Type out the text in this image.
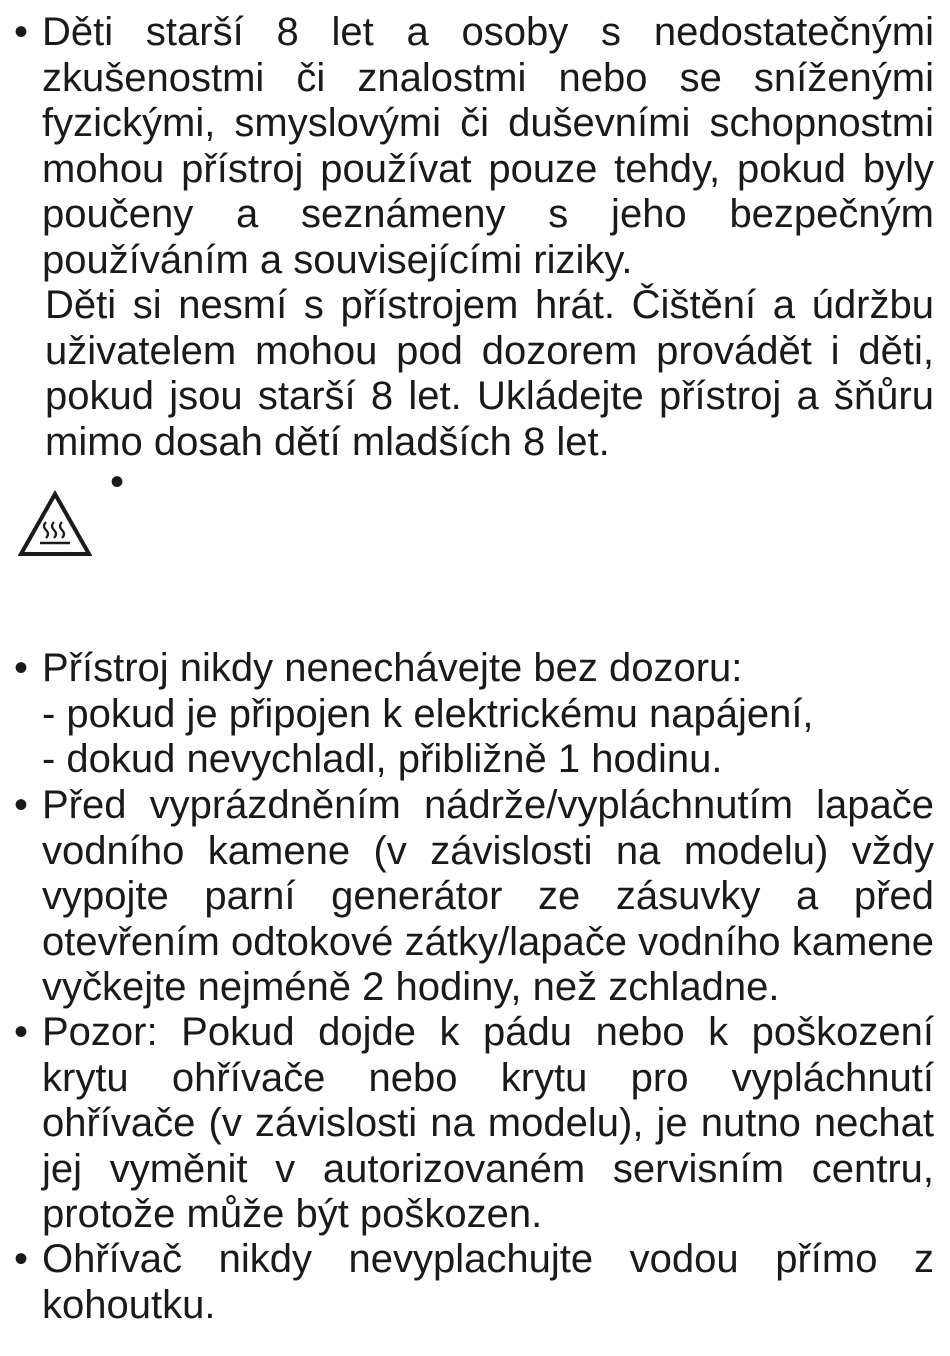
• Děti starší 8 let a osoby s nedostatečnými zkušenostmi či znalostmi nebo se sníženými fyzickými, smyslovými či duševními schopnostmi mohou přístroj používat pouze tehdy, pokud byly poučeny a seznámeny s jeho bezpečným používáním a souvisejícími riziky.
Děti si nesmí s přístrojem hrát. Čištění a údržbu uživatelem mohou pod dozorem provádět i děti, pokud jsou starší 8 let. Ukládejte přístroj a šňůru mimo dosah dětí mladších 8 let.
•
• Přístroj nikdy nenechávejte bez dozoru:
- pokud je připojen k elektrickému napájení,
- dokud nevychladl, přibližně 1 hodinu.
• Před vyprázdněním nádrže/vypláchnutím lapače vodního kamene (v závislosti na modelu) vždy vypojte parní generátor ze zásuvky a před otevřením odtokové zátky/lapače vodního kamene vyčkejte nejméně 2 hodiny, než zchladne.
• Pozor: Pokud dojde k pádu nebo k poškození krytu ohřívače nebo krytu pro vypláchnutí ohřívače (v závislosti na modelu), je nutno nechat jej vyměnit v autorizovaném servisním centru, protože může být poškozen.
• Ohřívač nikdy nevyplachujte vodou přímo z kohoutku.
